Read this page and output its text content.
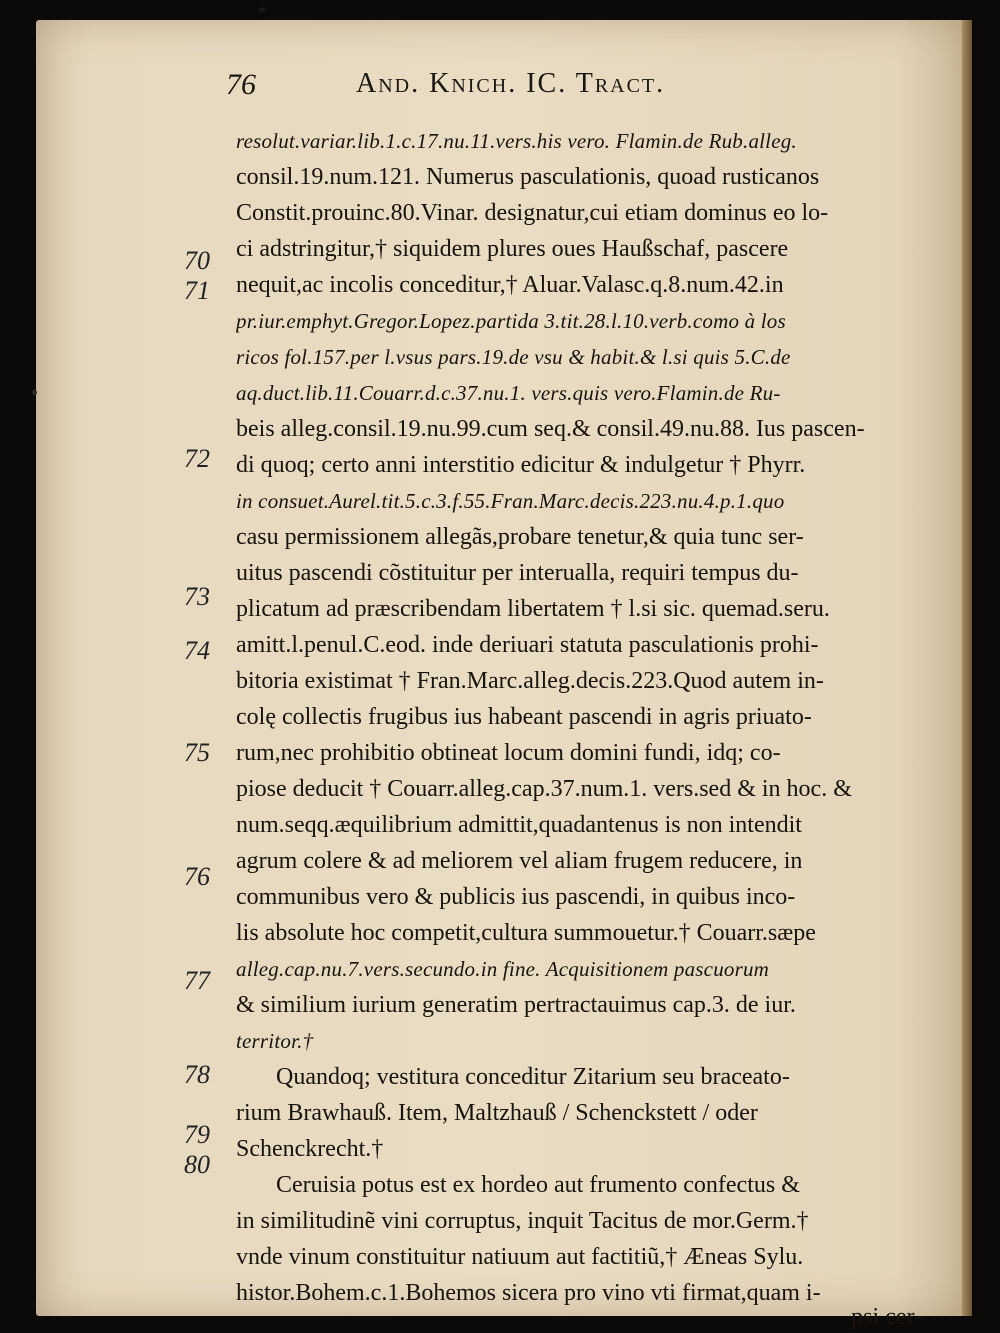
*
76	And. Knich. IC. Tract.
resolut.variar.lib.1.c.17.nu.11.vers.his vero. Flamin.de Rub.alleg.
consil.19.num.121. Numerus pasculationis, quoad rusticanos
Constit.prouinc.80.Vinar. designatur,cui etiam dominus eo lo-
ci adstringitur,† siquidem plures oues Haußschaf, pascere
nequit,ac incolis conceditur,† Aluar.Valasc.q.8.num.42.in
pr.iur.emphyt.Gregor.Lopez.partida 3.tit.28.l.10.verb.como à los
ricos fol.157.per l.vsus pars.19.de vsu & habit.& l.si quis 5.C.de
aq.duct.lib.11.Couarr.d.c.37.nu.1. vers.quis vero.Flamin.de Ru-
beis alleg.consil.19.nu.99.cum seq.& consil.49.nu.88. Ius pascen-
di quoq; certo anni interstitio edicitur & indulgetur † Phyrr.
in consuet.Aurel.tit.5.c.3.f.55.Fran.Marc.decis.223.nu.4.p.1.quo
casu permissionem allegãs,probare tenetur,& quia tunc ser-
uitus pascendi cõstituitur per interualla, requiri tempus du-
plicatum ad præscribendam libertatem † l.si sic. quemad.seru.
amitt.l.penul.C.eod. inde deriuari statuta pasculationis prohi-
bitoria existimat † Fran.Marc.alleg.decis.223.Quod autem in-
colę collectis frugibus ius habeant pascendi in agris priuato-
rum,nec prohibitio obtineat locum domini fundi, idq; co-
piose deducit † Couarr.alleg.cap.37.num.1. vers.sed & in hoc. &
num.seqq.æquilibrium admittit,quadantenus is non intendit
agrum colere & ad meliorem vel aliam frugem reducere, in
communibus vero & publicis ius pascendi, in quibus inco-
lis absolute hoc competit,cultura summouetur.† Couarr.sæpe
alleg.cap.nu.7.vers.secundo.in fine. Acquisitionem pascuorum
& similium iurium generatim pertractauimus cap.3. de iur.
territor.†
Quandoq; vestitura conceditur Zitarium seu braceato-
rium Brawhauß. Item, Maltzhauß / Schenckstett / oder
Schenckrecht.†
Ceruisia potus est ex hordeo aut frumento confectus &
in similitudinẽ vini corruptus, inquit Tacitus de mor.Germ.†
vnde vinum constituitur natiuum aut factitiũ,† Æneas Sylu.
histor.Bohem.c.1.Bohemos sicera pro vino vti firmat,quam i-
psi cer-
70
71
72
73
74
75
76
77
78
79
80
